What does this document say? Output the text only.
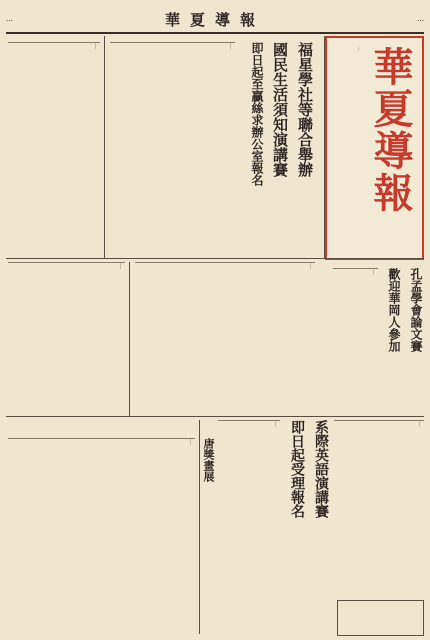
…	華夏導報	…
華夏導報
…
福星學社等聯合舉辦
國民生活須知演講賽
即日起至贏絲求辦公室報名
孔孟學會論文賽
歡迎華岡人參加
系際英語演講賽
即日起受理報名
唐獎畫展
…
…
…
…
…
…
…
…
